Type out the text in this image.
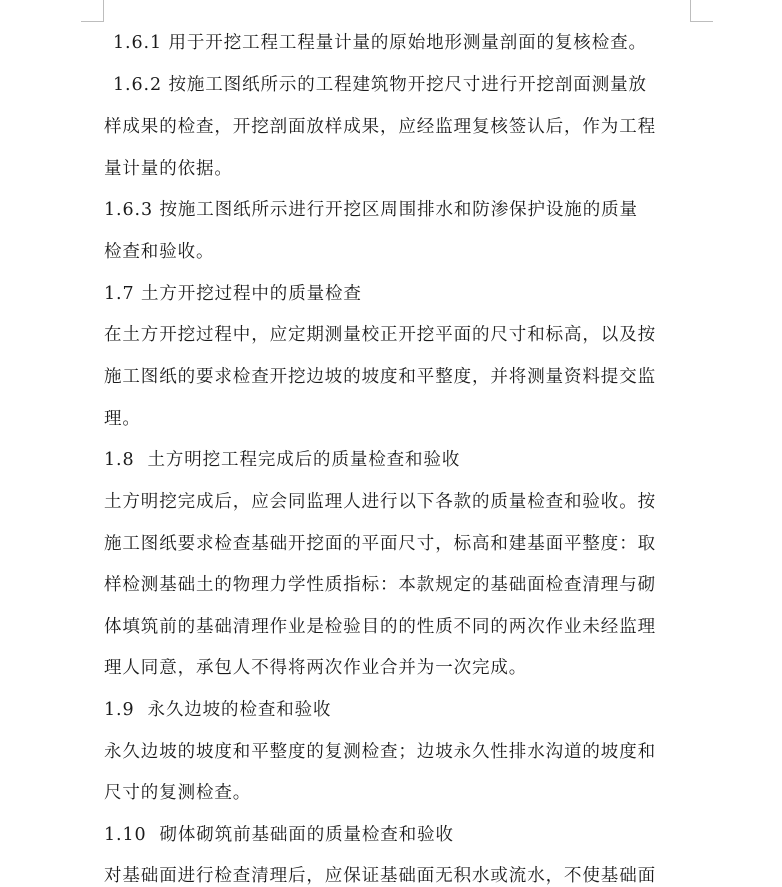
1.6.1 用于开挖工程工程量计量的原始地形测量剖面的复核检查。
1.6.2 按施工图纸所示的工程建筑物开挖尺寸进行开挖剖面测量放
样成果的检查，开挖剖面放样成果，应经监理复核签认后，作为工程
量计量的依据。
1.6.3 按施工图纸所示进行开挖区周围排水和防渗保护设施的质量
检查和验收。
1.7 土方开挖过程中的质量检查
在土方开挖过程中，应定期测量校正开挖平面的尺寸和标高，以及按
施工图纸的要求检查开挖边坡的坡度和平整度，并将测量资料提交监
理。
1.8  土方明挖工程完成后的质量检查和验收
土方明挖完成后，应会同监理人进行以下各款的质量检查和验收。按
施工图纸要求检查基础开挖面的平面尺寸，标高和建基面平整度：取
样检测基础土的物理力学性质指标：本款规定的基础面检查清理与砌
体填筑前的基础清理作业是检验目的的性质不同的两次作业未经监理
理人同意，承包人不得将两次作业合并为一次完成。
1.9  永久边坡的检查和验收
永久边坡的坡度和平整度的复测检查；边坡永久性排水沟道的坡度和
尺寸的复测检查。
1.10  砌体砌筑前基础面的质量检查和验收
对基础面进行检查清理后，应保证基础面无积水或流水，不使基础面
